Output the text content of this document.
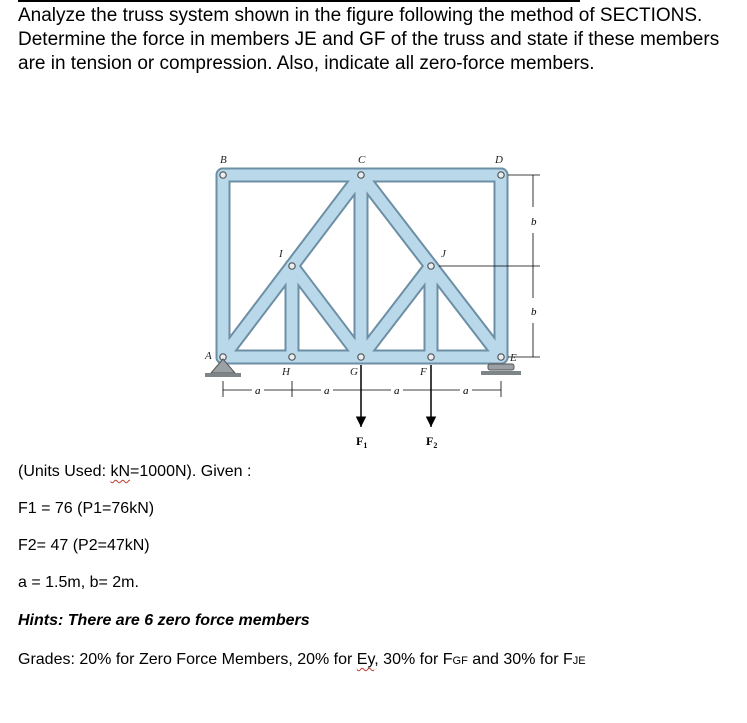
Analyze the truss system shown in the figure following the method of SECTIONS.

Determine the force in members JE and GF of the truss and state if these members are in tension or compression. Also, indicate all zero-force members.

b
b
a	a	a	a
$F_1$	$F_2$
B	C	D
I	J
A
H	G	F
E

(Units Used: kN=1000N). Given :

F1 = 76 (P1=76kN)

F2= 47 (P2=47kN)

a = 1.5m, b= 2m.

Hints: There are 6 zero force members

Grades: 20% for Zero Force Members, 20% for Ey, 30% for FGF and 30% for FJE
